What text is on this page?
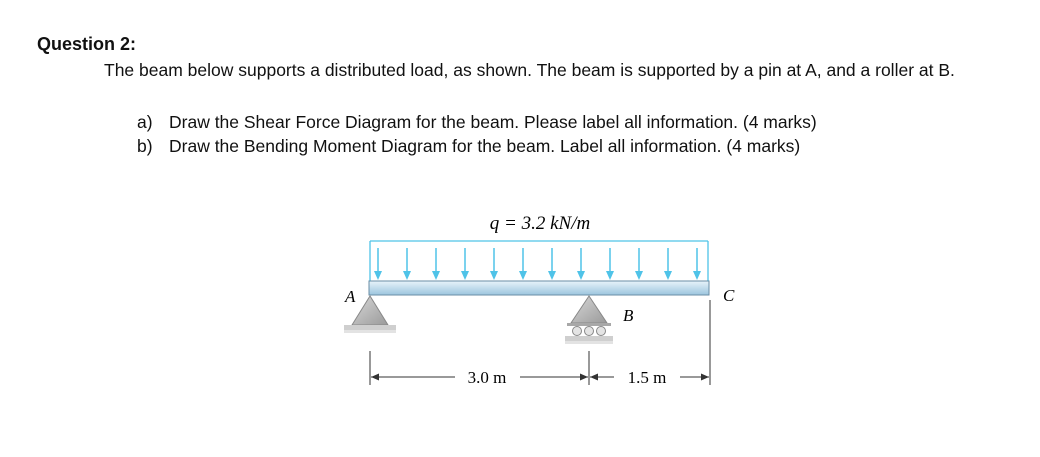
Question 2:

The beam below supports a distributed load, as shown. The beam is supported by a pin at A, and a roller at B.

a) Draw the Shear Force Diagram for the beam. Please label all information. (4 marks)
b) Draw the Bending Moment Diagram for the beam. Label all information. (4 marks)
q = 3.2 kN/m
A
B
C
3.0 m	1.5 m
